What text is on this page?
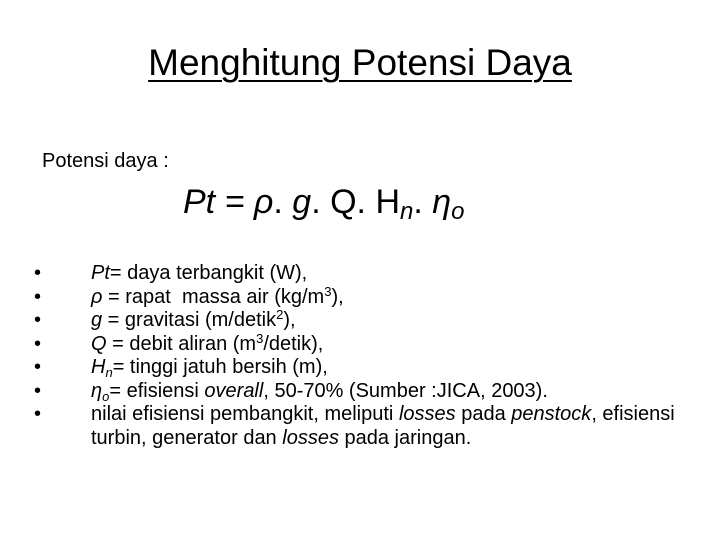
Menghitung Potensi Daya
Potensi daya :
Pt = ρ. g. Q. $H_n$. $\eta_o$
• Pt= daya terbangkit (W),
• ρ = rapat  massa air $(kg/m^3)$,
• g = gravitasi (m/detik$^2$),
• Q = debit aliran $(m^3/detik)$,
• $H_n=$ tinggi jatuh bersih (m),
• $\eta_o=$ efisiensi overall, 50-70% (Sumber :JICA, 2003).
• nilai efisiensi pembangkit, meliputi losses pada penstock, efisiensi turbin, generator dan losses pada jaringan.
